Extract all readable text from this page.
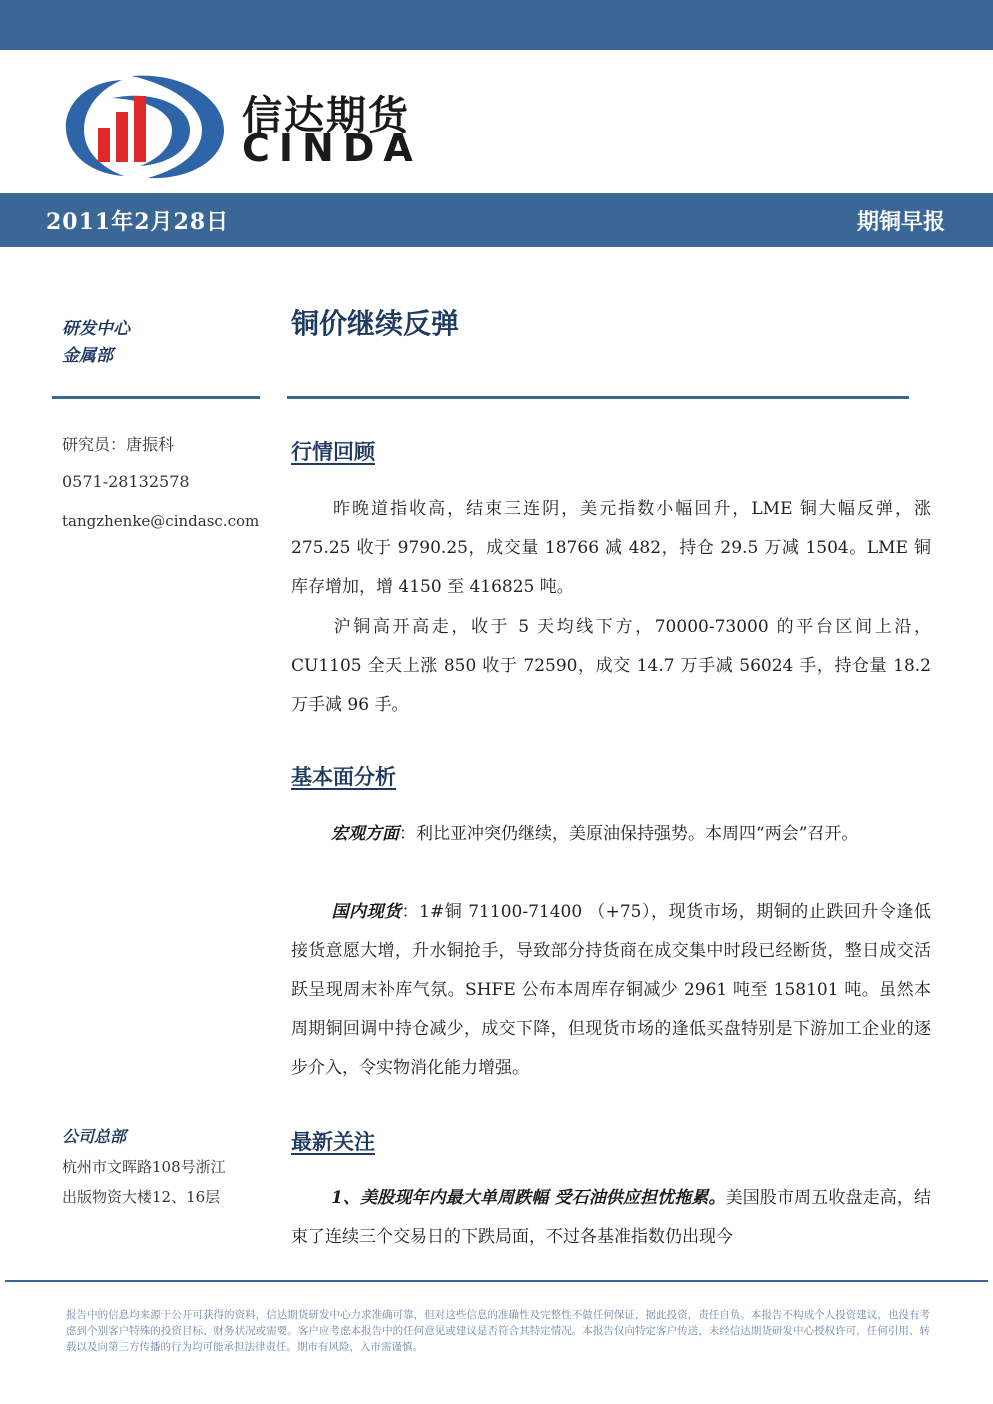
信达期货
CINDA
2011年2月28日	期铜早报
研发中心
金属部
铜价继续反弹
研究员：唐振科
0571-28132578
tangzhenke@cindasc.com
行情回顾
昨晚道指收高，结束三连阴，美元指数小幅回升，LME 铜大幅反弹，涨 275.25 收于 9790.25，成交量 18766 减 482，持仓 29.5 万减 1504。LME 铜库存增加，增 4150 至 416825 吨。
沪铜高开高走，收于 5 天均线下方，70000-73000 的平台区间上沿，CU1105 全天上涨 850 收于 72590，成交 14.7 万手减 56024 手，持仓量 18.2 万手减 96 手。
基本面分析
宏观方面：利比亚冲突仍继续，美原油保持强势。本周四“两会”召开。
国内现货：1#铜 71100-71400 （+75），现货市场，期铜的止跌回升令逢低接货意愿大增，升水铜抢手，导致部分持货商在成交集中时段已经断货，整日成交活跃呈现周末补库气氛。SHFE 公布本周库存铜减少 2961 吨至 158101 吨。虽然本周期铜回调中持仓减少，成交下降，但现货市场的逢低买盘特别是下游加工企业的逐步介入，令实物消化能力增强。
最新关注
1、美股现年内最大单周跌幅 受石油供应担忧拖累。美国股市周五收盘走高，结束了连续三个交易日的下跌局面，不过各基准指数仍出现今
公司总部
杭州市文晖路108号浙江
出版物资大楼12、16层
报告中的信息均来源于公开可获得的资料，信达期货研发中心力求准确可靠，但对这些信息的准确性及完整性不做任何保证，据此投资，责任自负。本报告不构成个人投资建议，也没有考虑到个别客户特殊的投资目标、财务状况或需要。客户应考虑本报告中的任何意见或建议是否符合其特定情况。本报告仅向特定客户传送，未经信达期货研发中心授权许可，任何引用、转载以及向第三方传播的行为均可能承担法律责任。期市有风险，入市需谨慎。
